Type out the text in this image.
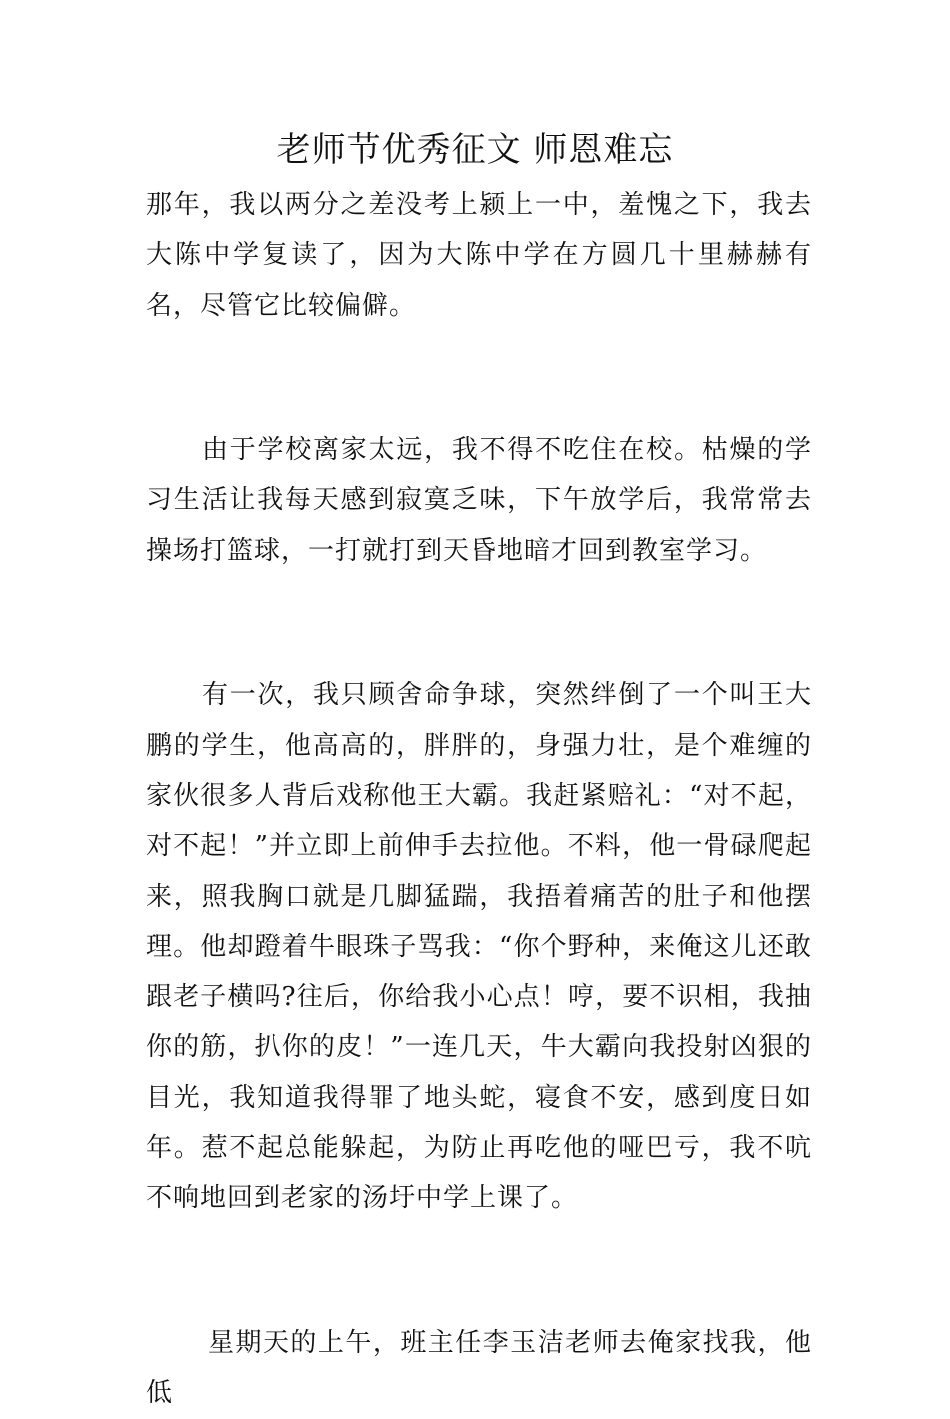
老师节优秀征文 师恩难忘

那年，我以两分之差没考上颍上一中，羞愧之下，我去大陈中学复读了，因为大陈中学在方圆几十里赫赫有名，尽管它比较偏僻。

由于学校离家太远，我不得不吃住在校。枯燥的学习生活让我每天感到寂寞乏味，下午放学后，我常常去操场打篮球，一打就打到天昏地暗才回到教室学习。

有一次，我只顾舍命争球，突然绊倒了一个叫王大鹏的学生，他高高的，胖胖的，身强力壮，是个难缠的家伙很多人背后戏称他王大霸。我赶紧赔礼：“对不起，对不起！”并立即上前伸手去拉他。不料，他一骨碌爬起来，照我胸口就是几脚猛踹，我捂着痛苦的肚子和他摆理。他却蹬着牛眼珠子骂我：“你个野种，来俺这儿还敢跟老子横吗?往后，你给我小心点！哼，要不识相，我抽你的筋，扒你的皮！”一连几天，牛大霸向我投射凶狠的目光，我知道我得罪了地头蛇，寝食不安，感到度日如年。惹不起总能躲起，为防止再吃他的哑巴亏，我不吭不响地回到老家的汤圩中学上课了。

星期天的上午，班主任李玉洁老师去俺家找我，他低
